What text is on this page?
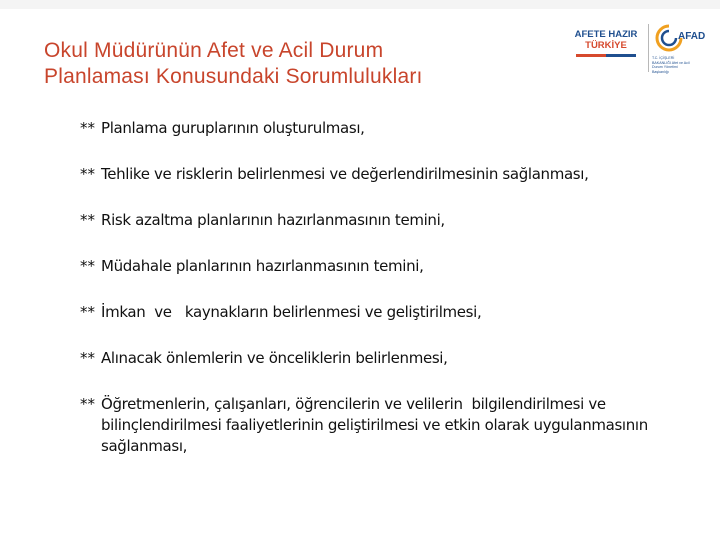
Okul Müdürünün Afet ve Acil Durum
Planlaması Konusundaki Sorumlulukları
AFETE HAZIR
TÜRKİYE
AFAD
T.C. İÇİŞLERİ BAKANLIĞI Afet ve Acil Durum Yönetimi Başkanlığı
** Planlama guruplarının oluşturulması,
** Tehlike ve risklerin belirlenmesi ve değerlendirilmesinin sağlanması,
** Risk azaltma planlarının hazırlanmasının temini,
** Müdahale planlarının hazırlanmasının temini,
** İmkan  ve   kaynakların belirlenmesi ve geliştirilmesi,
** Alınacak önlemlerin ve önceliklerin belirlenmesi,
** Öğretmenlerin, çalışanları, öğrencilerin ve velilerin  bilgilendirilmesi ve bilinçlendirilmesi faaliyetlerinin geliştirilmesi ve etkin olarak uygulanmasının sağlanması,
